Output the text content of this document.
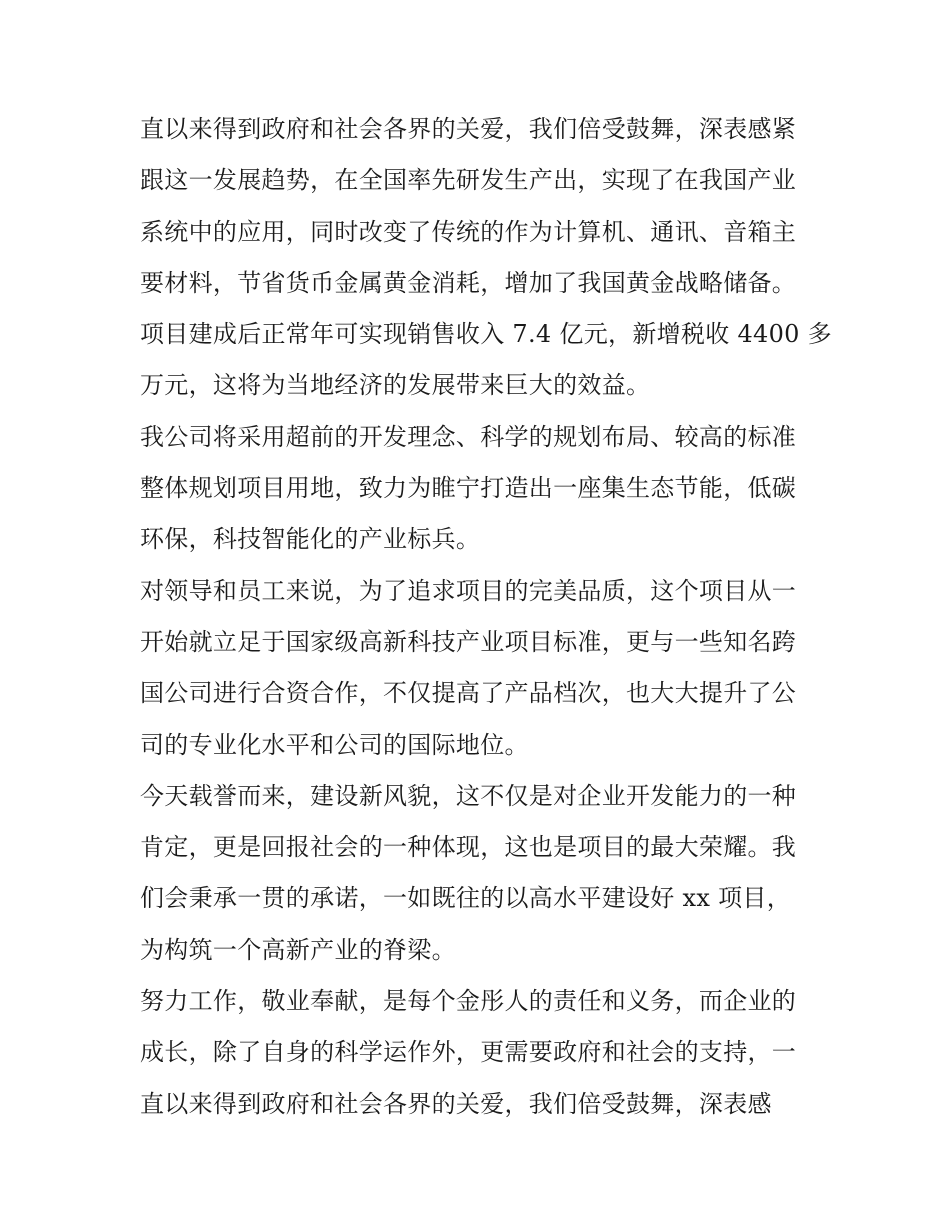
直以来得到政府和社会各界的关爱，我们倍受鼓舞，深表感紧
跟这一发展趋势，在全国率先研发生产出，实现了在我国产业
系统中的应用，同时改变了传统的作为计算机、通讯、音箱主
要材料，节省货币金属黄金消耗，增加了我国黄金战略储备。
项目建成后正常年可实现销售收入 7.4 亿元，新增税收 4400 多
万元，这将为当地经济的发展带来巨大的效益。
我公司将采用超前的开发理念、科学的规划布局、较高的标准
整体规划项目用地，致力为睢宁打造出一座集生态节能，低碳
环保，科技智能化的产业标兵。
对领导和员工来说，为了追求项目的完美品质，这个项目从一
开始就立足于国家级高新科技产业项目标准，更与一些知名跨
国公司进行合资合作，不仅提高了产品档次，也大大提升了公
司的专业化水平和公司的国际地位。
今天载誉而来，建设新风貌，这不仅是对企业开发能力的一种
肯定，更是回报社会的一种体现，这也是项目的最大荣耀。我
们会秉承一贯的承诺，一如既往的以高水平建设好 xx 项目，
为构筑一个高新产业的脊梁。
努力工作，敬业奉献，是每个金彤人的责任和义务，而企业的
成长，除了自身的科学运作外，更需要政府和社会的支持，一
直以来得到政府和社会各界的关爱，我们倍受鼓舞，深表感
